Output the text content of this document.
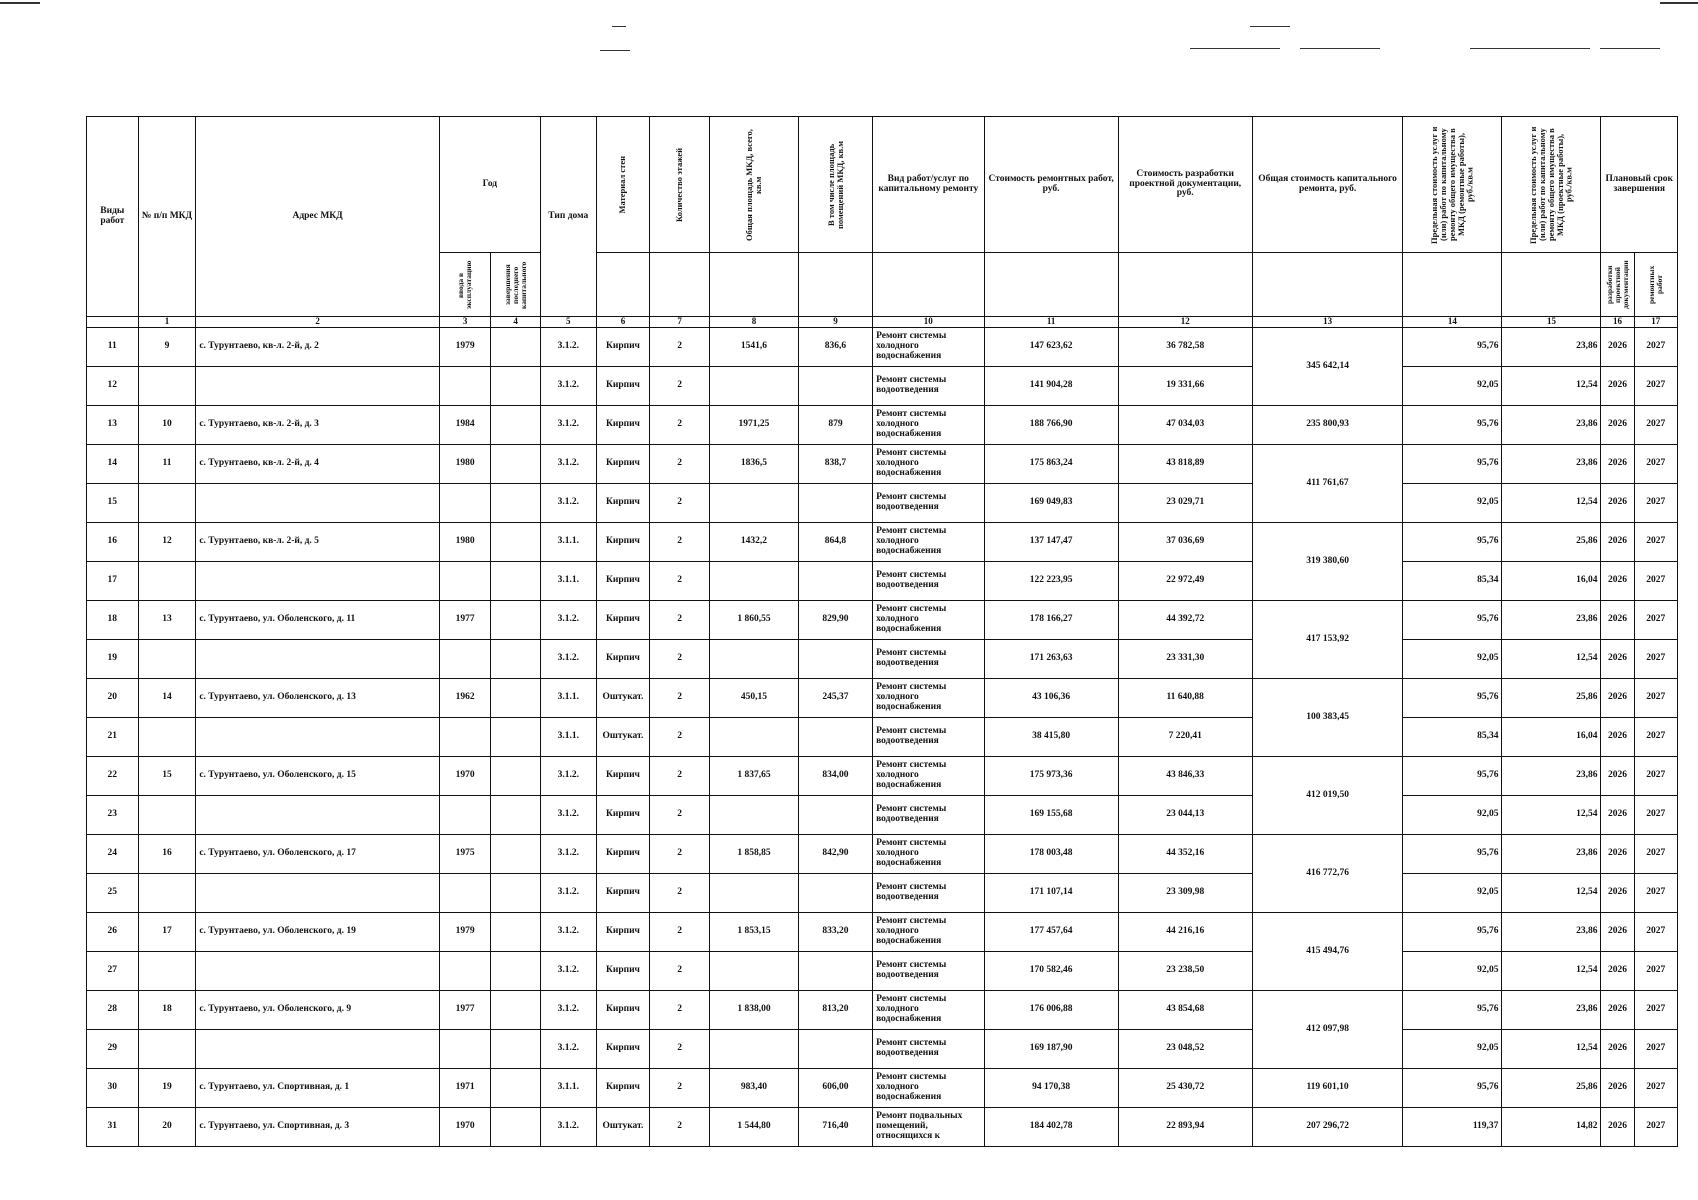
Виды работ	№ п/п МКД	Адрес МКД	Год		Тип дома	Материал стен	Количество этажей	Общая площадь МКД, всего, кв.м	В том числе площадь помещений МКД, кв.м	Вид работ/услуг по капитальному ремонту	Стоимость ремонтных работ, руб.	Стоимость разработки проектной документации, руб.	Общая стоимость капитального ремонта, руб.	Предельная стоимость услуг и (или) работ по капитальному ремонту общего имущества в МКД (ремонтные работы), руб./кв.м	Предельная стоимость услуг и (или) работ по капитальному ремонту общего имущества в МКД (проектные работы), руб./кв.м	Плановый срок завершения	

			ввода в эксплуатацию	завершения последнего капитального												разработки проектной документации	ремонтных работ

	1	2	3	4	5	6	7	8	9	10	11	12	13	14	15	16	17
11	9	с. Турунтаево, кв-л. 2-й, д. 2	1979		3.1.2.	Кирпич	2	1541,6	836,6	Ремонт системы холодного водоснабжения	147 623,62	36 782,58	345 642,14	95,76	23,86	2026	2027
12					3.1.2.	Кирпич	2			Ремонт системы водоотведения	141 904,28	19 331,66		92,05	12,54	2026	2027
13	10	с. Турунтаево, кв-л. 2-й, д. 3	1984		3.1.2.	Кирпич	2	1971,25	879	Ремонт системы холодного водоснабжения	188 766,90	47 034,03	235 800,93	95,76	23,86	2026	2027
14	11	с. Турунтаево, кв-л. 2-й, д. 4	1980		3.1.2.	Кирпич	2	1836,5	838,7	Ремонт системы холодного водоснабжения	175 863,24	43 818,89	411 761,67	95,76	23,86	2026	2027
15					3.1.2.	Кирпич	2			Ремонт системы водоотведения	169 049,83	23 029,71		92,05	12,54	2026	2027
16	12	с. Турунтаево, кв-л. 2-й, д. 5	1980		3.1.1.	Кирпич	2	1432,2	864,8	Ремонт системы холодного водоснабжения	137 147,47	37 036,69	319 380,60	95,76	25,86	2026	2027
17					3.1.1.	Кирпич	2			Ремонт системы водоотведения	122 223,95	22 972,49		85,34	16,04	2026	2027
18	13	с. Турунтаево, ул. Оболенского, д. 11	1977		3.1.2.	Кирпич	2	1 860,55	829,90	Ремонт системы холодного водоснабжения	178 166,27	44 392,72	417 153,92	95,76	23,86	2026	2027
19					3.1.2.	Кирпич	2			Ремонт системы водоотведения	171 263,63	23 331,30		92,05	12,54	2026	2027
20	14	с. Турунтаево, ул. Оболенского, д. 13	1962		3.1.1.	Оштукат.	2	450,15	245,37	Ремонт системы холодного водоснабжения	43 106,36	11 640,88	100 383,45	95,76	25,86	2026	2027
21					3.1.1.	Оштукат.	2			Ремонт системы водоотведения	38 415,80	7 220,41		85,34	16,04	2026	2027
22	15	с. Турунтаево, ул. Оболенского, д. 15	1970		3.1.2.	Кирпич	2	1 837,65	834,00	Ремонт системы холодного водоснабжения	175 973,36	43 846,33	412 019,50	95,76	23,86	2026	2027
23					3.1.2.	Кирпич	2			Ремонт системы водоотведения	169 155,68	23 044,13		92,05	12,54	2026	2027
24	16	с. Турунтаево, ул. Оболенского, д. 17	1975		3.1.2.	Кирпич	2	1 858,85	842,90	Ремонт системы холодного водоснабжения	178 003,48	44 352,16	416 772,76	95,76	23,86	2026	2027
25					3.1.2.	Кирпич	2			Ремонт системы водоотведения	171 107,14	23 309,98		92,05	12,54	2026	2027
26	17	с. Турунтаево, ул. Оболенского, д. 19	1979		3.1.2.	Кирпич	2	1 853,15	833,20	Ремонт системы холодного водоснабжения	177 457,64	44 216,16	415 494,76	95,76	23,86	2026	2027
27					3.1.2.	Кирпич	2			Ремонт системы водоотведения	170 582,46	23 238,50		92,05	12,54	2026	2027
28	18	с. Турунтаево, ул. Оболенского, д. 9	1977		3.1.2.	Кирпич	2	1 838,00	813,20	Ремонт системы холодного водоснабжения	176 006,88	43 854,68	412 097,98	95,76	23,86	2026	2027
29					3.1.2.	Кирпич	2			Ремонт системы водоотведения	169 187,90	23 048,52		92,05	12,54	2026	2027
30	19	с. Турунтаево, ул. Спортивная, д. 1	1971		3.1.1.	Кирпич	2	983,40	606,00	Ремонт системы холодного водоснабжения	94 170,38	25 430,72	119 601,10	95,76	25,86	2026	2027
31	20	с. Турунтаево, ул. Спортивная, д. 3	1970		3.1.2.	Оштукат.	2	1 544,80	716,40	Ремонт подвальных помещений, относящихся к	184 402,78	22 893,94	207 296,72	119,37	14,82	2026	2027
